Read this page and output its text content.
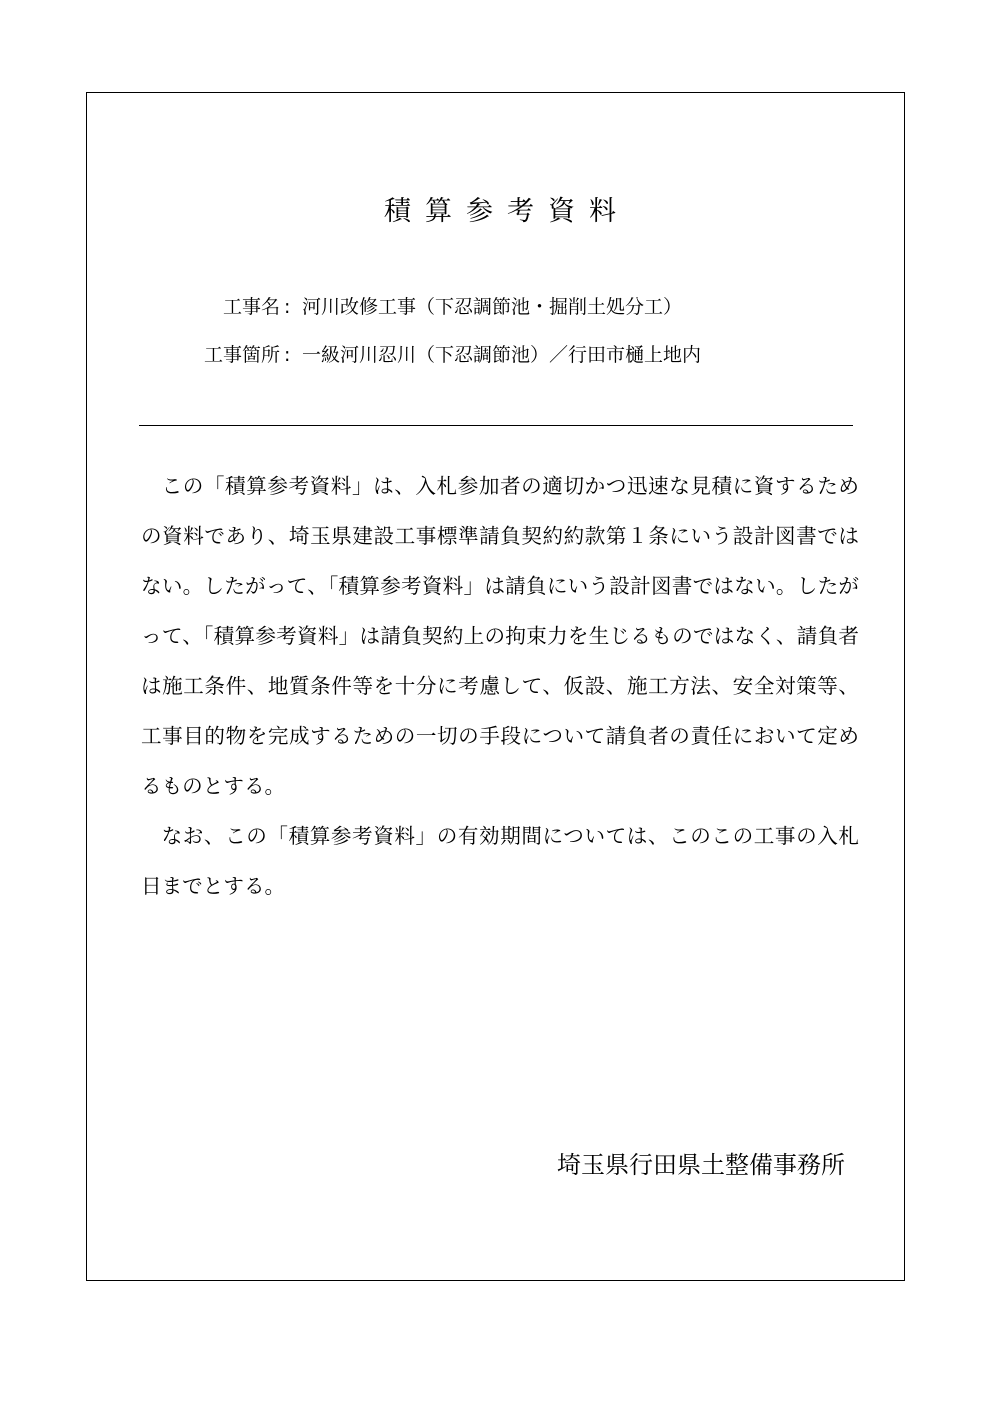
積算参考資料
工事名 : 河川改修工事（下忍調節池・掘削土処分工）
工事箇所 : 一級河川忍川（下忍調節池）／行田市樋上地内

この「積算参考資料」は、入札参加者の適切かつ迅速な見積に資するための資料であり、埼玉県建設工事標準請負契約約款第１条にいう設計図書ではない。したがって、「積算参考資料」は請負にいう設計図書ではない。したがって、「積算参考資料」は請負契約上の拘束力を生じるものではなく、請負者は施工条件、地質条件等を十分に考慮して、仮設、施工方法、安全対策等、工事目的物を完成するための一切の手段について請負者の責任において定めるものとする。

なお、この「積算参考資料」の有効期間については、このこの工事の入札日までとする。

埼玉県行田県土整備事務所
